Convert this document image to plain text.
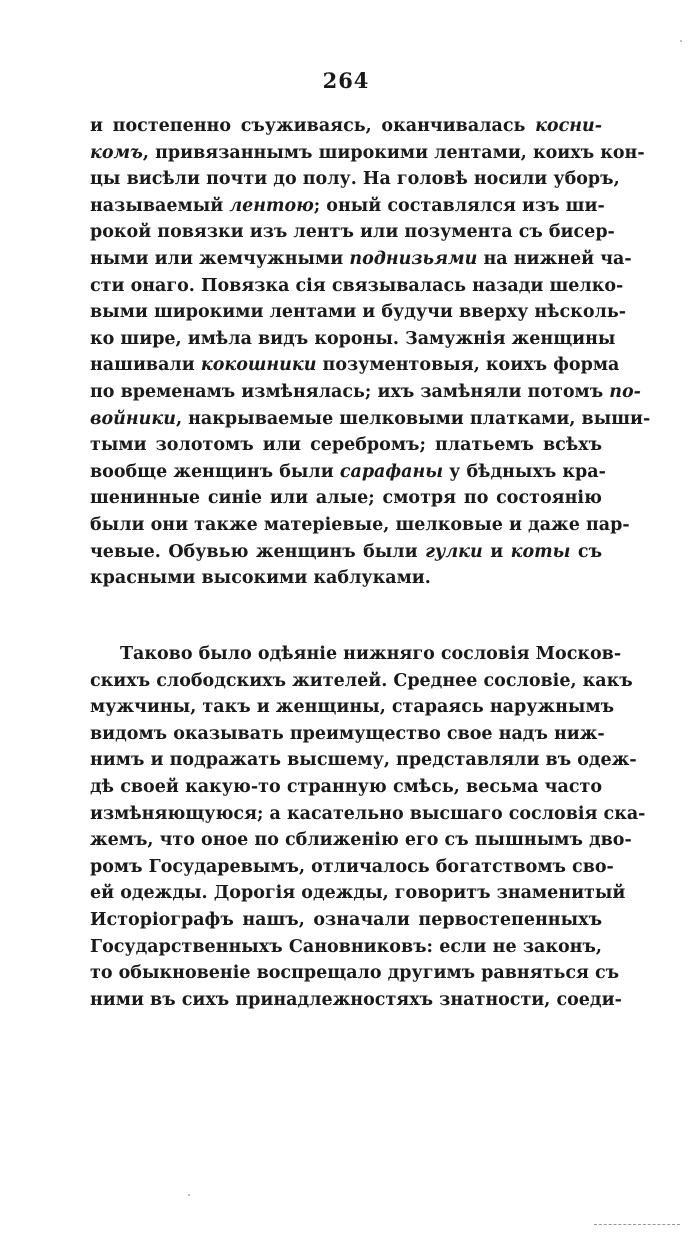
264
и постепенно съуживаясь, оканчивалась косни-
комъ, привязаннымъ широкими лентами, коихъ кон-
цы висѣли почти до полу. На головѣ носили уборъ,
называемый лентою; оный составлялся изъ ши-
рокой повязки изъ лентъ или позумента съ бисер-
ными или жемчужными поднизьями на нижней ча-
сти онаго. Повязка сія связывалась назади шелко-
выми широкими лентами и будучи вверху нѣсколь-
ко шире, имѣла видъ короны. Замужнія женщины
нашивали кокошники позументовыя, коихъ форма
по временамъ измѣнялась; ихъ замѣняли потомъ по-
войники, накрываемые шелковыми платками, выши-
тыми золотомъ или серебромъ; платьемъ всѣхъ
вообще женщинъ были сарафаны у бѣдныхъ кра-
шенинные синіе или алые; смотря по состоянію
были они также матеріевые, шелковые и даже пар-
чевые. Обувью женщинъ были гулки и коты съ
красными высокими каблуками.
Таково было одѣяніе нижняго сословія Москов-
скихъ слободскихъ жителей. Среднее сословіе, какъ
мужчины, такъ и женщины, стараясь наружнымъ
видомъ оказывать преимущество свое надъ ниж-
нимъ и подражать высшему, представляли въ одеж-
дѣ своей какую-то странную смѣсь, весьма часто
измѣняющуюся; а касательно высшаго сословія ска-
жемъ, что оное по сближенію его съ пышнымъ дво-
ромъ Государевымъ, отличалось богатствомъ сво-
ей одежды. Дорогія одежды, говоритъ знаменитый
Исторіографъ нашъ, означали первостепенныхъ
Государственныхъ Сановниковъ: если не законъ,
то обыкновеніе воспрещало другимъ равняться съ
ними въ сихъ принадлежностяхъ знатности, соеди-
